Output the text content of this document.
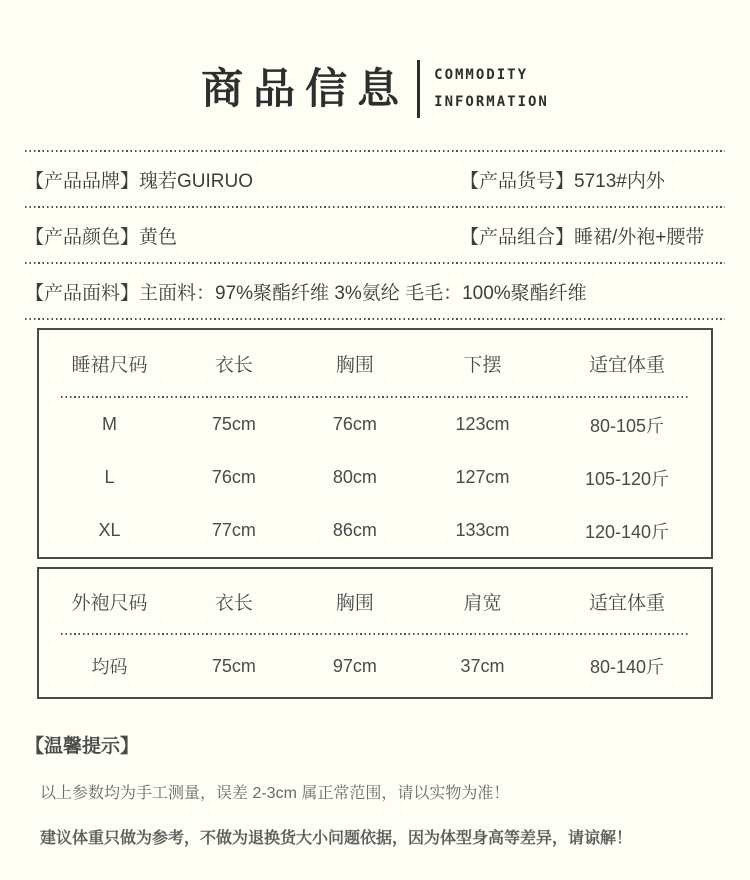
商品信息 COMMODITY
INFORMATION
【产品品牌】瑰若GUIRUO	【产品货号】5713#内外
【产品颜色】黄色	【产品组合】睡裙/外袍+腰带
【产品面料】主面料：97%聚酯纤维 3%氨纶 毛毛：100%聚酯纤维
睡裙尺码	衣长	胸围	下摆	适宜体重
M	75cm	76cm	123cm	80-105斤
L	76cm	80cm	127cm	105-120斤
XL	77cm	86cm	133cm	120-140斤
外袍尺码	衣长	胸围	肩宽	适宜体重
均码	75cm	97cm	37cm	80-140斤
【温馨提示】
以上参数均为手工测量，误差 2-3cm 属正常范围，请以实物为准！
建议体重只做为参考，不做为退换货大小问题依据，因为体型身高等差异，请谅解！
